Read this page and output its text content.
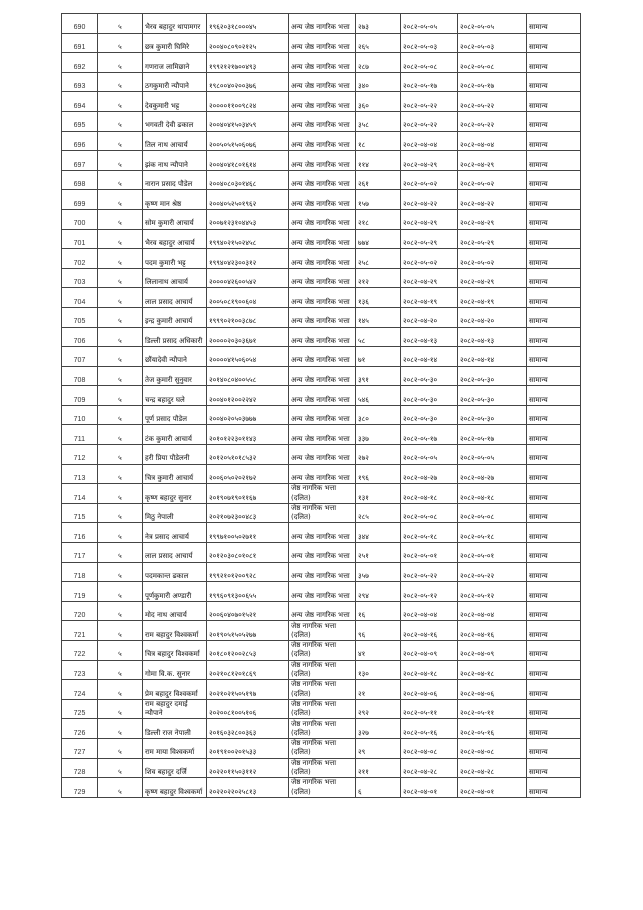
690	५	भैरव बहादुर थापामगर	१९६२०३१८०००४५	अन्य जेष्ठ नागरिक भत्ता	२७३	२०८२-०५-०५	२०८२-०५-०५	सामान्य
691	५	छत्र कुमारी घिमिरे	२००४०८०९०२१२५	अन्य जेष्ठ नागरिक भत्ता	२६५	२०८२-०५-०३	२०८२-०५-०३	सामान्य
692	५	गणराज लामिछाने	१९९२१२१७००४९३	अन्य जेष्ठ नागरिक भत्ता	२८७	२०८२-०५-०८	२०८२-०५-०८	सामान्य
693	५	ठगकुमारी न्यौपाने	१९८००४०२००३७६	अन्य जेष्ठ नागरिक भत्ता	३४०	२०८२-०५-१७	२०८२-०५-१७	सामान्य
694	५	देवकुमारी भट्ट	२००००११००९८२४	अन्य जेष्ठ नागरिक भत्ता	३६०	२०८२-०५-२२	२०८२-०५-२२	सामान्य
695	५	भगवती देवी ढकाल	२००४०४१५०३४५९	अन्य जेष्ठ नागरिक भत्ता	३५८	२०८२-०५-२२	२०८२-०५-२२	सामान्य
696	५	तिल नाथ आचार्य	२००५०५१५०६०७६	अन्य जेष्ठ नागरिक भत्ता	१८	२०८२-०४-०४	२०८२-०४-०४	सामान्य
697	५	झंक नाथ न्यौपाने	२००४०४१८०१६१४	अन्य जेष्ठ नागरिक भत्ता	११४	२०८२-०४-२९	२०८२-०४-२९	सामान्य
698	५	नारान प्रसाद पौडेल	२००४०८०३०१४६८	अन्य जेष्ठ नागरिक भत्ता	२६१	२०८२-०५-०२	२०८२-०५-०२	सामान्य
699	५	कृष्ण मान श्रेष्ठ	२००४०५२५०१९६२	अन्य जेष्ठ नागरिक भत्ता	१५७	२०८२-०४-२२	२०८२-०४-२२	सामान्य
700	५	सोम कुमारी आचार्य	२००७१२३१०४४५३	अन्य जेष्ठ नागरिक भत्ता	२१८	२०८२-०४-२९	२०८२-०४-२९	सामान्य
701	५	भैरव बहादुर आचार्य	१९९४०२१५०२४५८	अन्य जेष्ठ नागरिक भत्ता	७७४	२०८२-०५-२९	२०८२-०५-२९	सामान्य
702	५	पदम कुमारी भट्ट	१९९४०४२३००३१२	अन्य जेष्ठ नागरिक भत्ता	२५८	२०८२-०५-०२	२०८२-०५-०२	सामान्य
703	५	लिलानाथ आचार्य	२००००४२६००५४२	अन्य जेष्ठ नागरिक भत्ता	२१२	२०८२-०४-२९	२०८२-०४-२९	सामान्य
704	५	लाल प्रसाद आचार्य	२००५०८१९००६०४	अन्य जेष्ठ नागरिक भत्ता	१३६	२०८२-०४-१९	२०८२-०४-१९	सामान्य
705	५	इन्द्र कुमारी आचार्य	१९९९०२१००३८७८	अन्य जेष्ठ नागरिक भत्ता	१४५	२०८२-०४-२०	२०८२-०४-२०	सामान्य
706	५	डिल्ली प्रसाद अधिकारी	२००००२०३०३६७१	अन्य जेष्ठ नागरिक भत्ता	५८	२०८२-०४-१३	२०८२-०४-१३	सामान्य
707	५	छौंयादेवी न्यौपाने	२००००४१५०६०५४	अन्य जेष्ठ नागरिक भत्ता	७१	२०८२-०४-१४	२०८२-०४-१४	सामान्य
708	५	तेज कुमारी सुनुवार	२०१४०८०४००५५८	अन्य जेष्ठ नागरिक भत्ता	३९१	२०८२-०५-३०	२०८२-०५-३०	सामान्य
709	५	चन्द्र बहादुर घले	२००४०१२००२२४२	अन्य जेष्ठ नागरिक भत्ता	५४६	२०८२-०५-३०	२०८२-०५-३०	सामान्य
710	५	पूर्ण प्रसाद पौडेल	२००४०२०५०३७७७	अन्य जेष्ठ नागरिक भत्ता	३८०	२०८२-०५-३०	२०८२-०५-३०	सामान्य
711	५	टंक कुमारी आचार्य	२०१०१२२३०११४३	अन्य जेष्ठ नागरिक भत्ता	३३७	२०८२-०५-१७	२०८२-०५-१७	सामान्य
712	५	हरी प्रिया पौडेलनी	२०१२०५१०१८५३२	अन्य जेष्ठ नागरिक भत्ता	२७२	२०८२-०५-०५	२०८२-०५-०५	सामान्य
713	५	चित्र कुमारी आचार्य	२००६०५०२०२१७२	अन्य जेष्ठ नागरिक भत्ता	१९६	२०८२-०४-२७	२०८२-०४-२७	सामान्य
714	५	कृष्ण बहादुर सुनार	२०१९०७१९०११६७	जेष्ठ नागरिक भत्ता (दलित)	१३१	२०८२-०४-१८	२०८२-०४-१८	सामान्य
715	५	मिठु नेपाली	२०२१०७२३००४८३	जेष्ठ नागरिक भत्ता (दलित)	२८५	२०८२-०५-०८	२०८२-०५-०८	सामान्य
716	५	नेत्र प्रसाद आचार्य	१९९७१००५०२७११	अन्य जेष्ठ नागरिक भत्ता	३४४	२०८२-०५-१८	२०८२-०५-१८	सामान्य
717	५	लाल प्रसाद आचार्य	२०१२०३०८०१०८१	अन्य जेष्ठ नागरिक भत्ता	२५१	२०८२-०५-०१	२०८२-०५-०१	सामान्य
718	५	पदमकान्त ढकाल	१९९२१०१२००९२८	अन्य जेष्ठ नागरिक भत्ता	३५७	२०८२-०५-२२	२०८२-०५-२२	सामान्य
719	५	पूर्णकुमारी अण्डारी	१९९६०९१३००६५५	अन्य जेष्ठ नागरिक भत्ता	२९४	२०८२-०५-१२	२०८२-०५-१२	सामान्य
720	५	मोद नाथ आचार्य	२००६०४०७०१५२१	अन्य जेष्ठ नागरिक भत्ता	१६	२०८२-०४-०४	२०८२-०४-०४	सामान्य
721	५	राम बहादुर विश्वकर्मा	२०१९०५१५०५२७७	जेष्ठ नागरिक भत्ता (दलित)	९६	२०८२-०४-१६	२०८२-०४-१६	सामान्य
722	५	चित्र बहादुर विश्वकर्मा	२०१८०१२००२८५३	जेष्ठ नागरिक भत्ता (दलित)	४१	२०८२-०४-०९	२०८२-०४-०९	सामान्य
723	५	गोमा वि.क. सुनार	२०२१०८१२०१८६९	जेष्ठ नागरिक भत्ता (दलित)	१३०	२०८२-०४-१८	२०८२-०४-१८	सामान्य
724	५	प्रेम बहादुर विश्वकर्मा	२०२१०२१५०५१९७	जेष्ठ नागरिक भत्ता (दलित)	२१	२०८२-०४-०६	२०८२-०४-०६	सामान्य
725	५	राम बहादुर दमाई न्यौपाने	२०२००८१००५१०६	जेष्ठ नागरिक भत्ता (दलित)	२९२	२०८२-०५-११	२०८२-०५-११	सामान्य
726	५	डिल्ली राज नेपाली	२०१६०३२८००३६३	जेष्ठ नागरिक भत्ता (दलित)	३२७	२०८२-०५-१६	२०८२-०५-१६	सामान्य
727	५	राम माया विश्वकर्मा	२०१९१००२०१५३३	जेष्ठ नागरिक भत्ता (दलित)	२९	२०८२-०४-०८	२०८२-०४-०८	सामान्य
728	५	शिव बहादुर दर्जि	२०२२०११५०३११२	जेष्ठ नागरिक भत्ता (दलित)	२११	२०८२-०४-२८	२०८२-०४-२८	सामान्य
729	५	कृष्ण बहादुर विश्वकर्मा	२०२२०२२०२५८१३	जेष्ठ नागरिक भत्ता (दलित)	६	२०८२-०४-०१	२०८२-०४-०१	सामान्य
